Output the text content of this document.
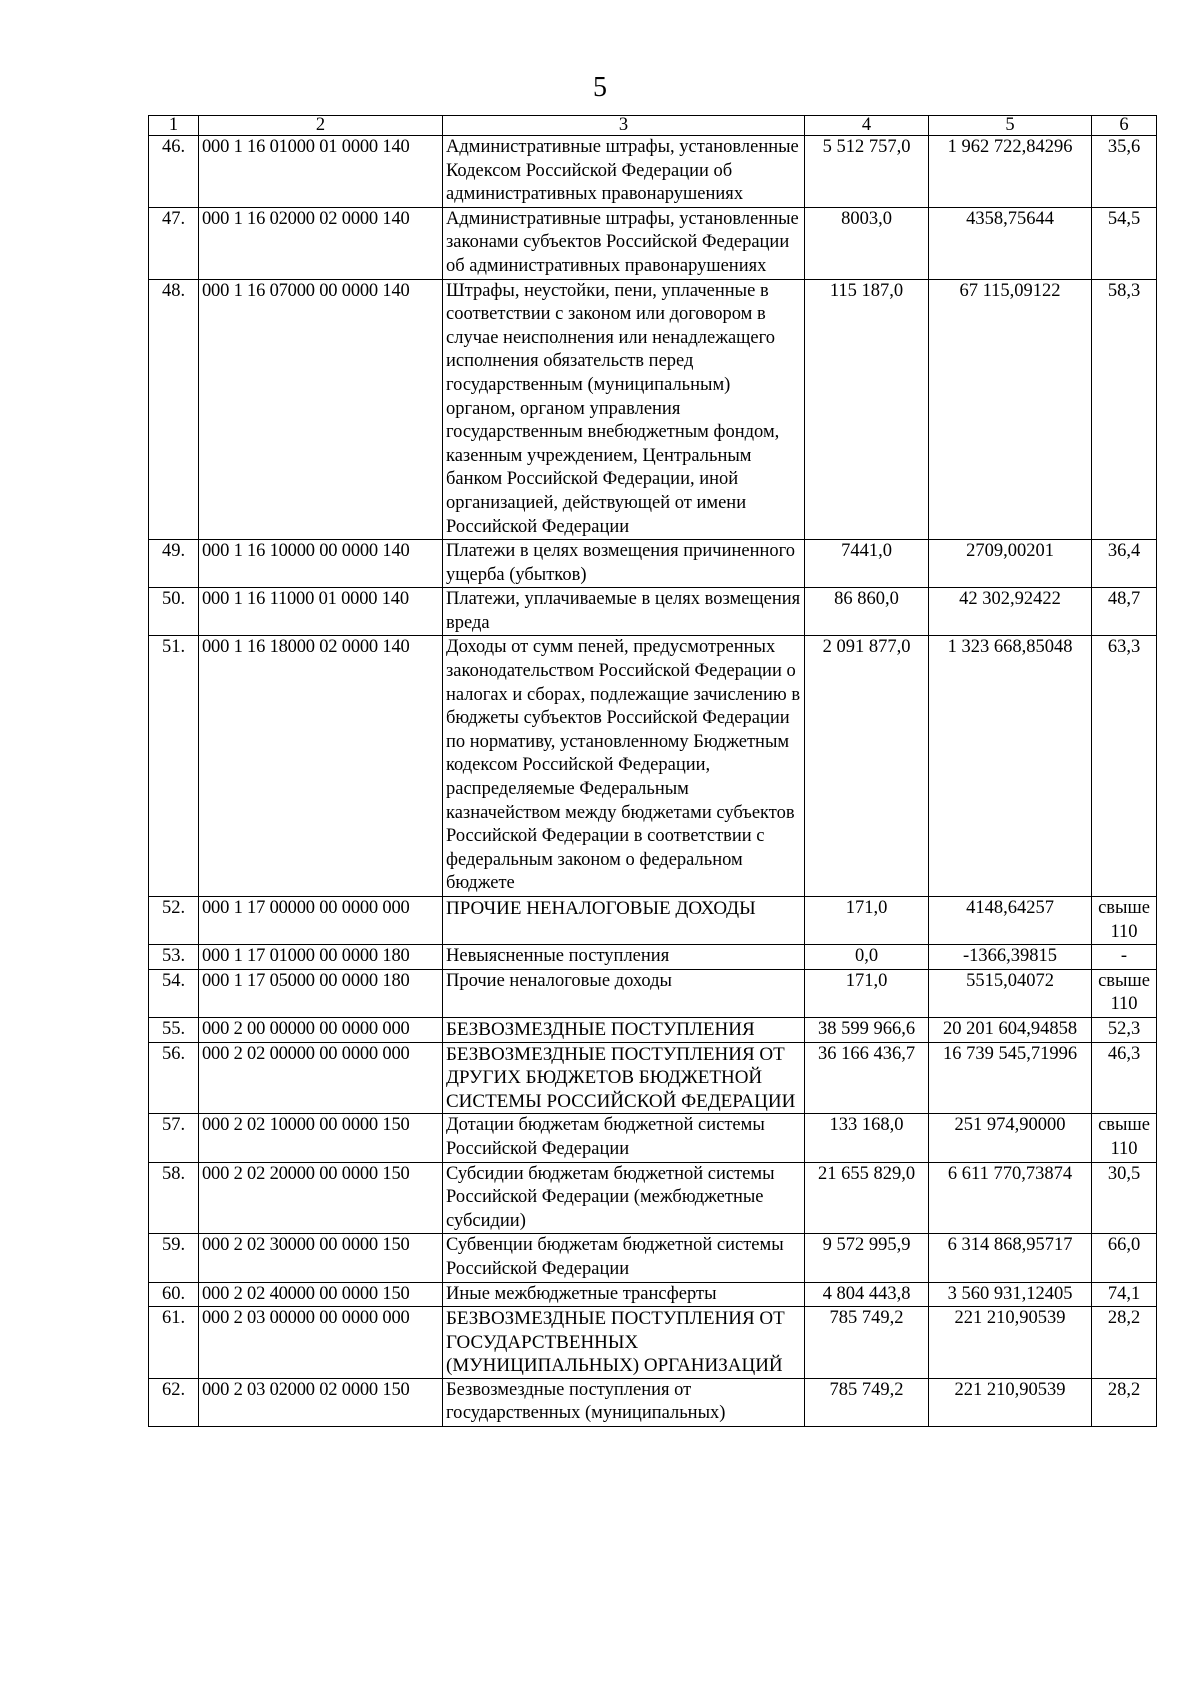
5
1	2	3	4	5	6
46.	000 1 16 01000 01 0000 140	Административные штрафы, установленные Кодексом Российской Федерации об административных правонарушениях	5 512 757,0	1 962 722,84296	35,6
47.	000 1 16 02000 02 0000 140	Административные штрафы, установленные законами субъектов Российской Федерации об административных правонарушениях	8003,0	4358,75644	54,5
48.	000 1 16 07000 00 0000 140	Штрафы, неустойки, пени, уплаченные в соответствии с законом или договором в случае неисполнения или ненадлежащего исполнения обязательств перед государственным (муниципальным) органом, органом управления государственным внебюджетным фондом, казенным учреждением, Центральным банком Российской Федерации, иной организацией, действующей от имени Российской Федерации	115 187,0	67 115,09122	58,3
49.	000 1 16 10000 00 0000 140	Платежи в целях возмещения причиненного ущерба (убытков)	7441,0	2709,00201	36,4
50.	000 1 16 11000 01 0000 140	Платежи, уплачиваемые в целях возмещения вреда	86 860,0	42 302,92422	48,7
51.	000 1 16 18000 02 0000 140	Доходы от сумм пеней, предусмотренных законодательством Российской Федерации о налогах и сборах, подлежащие зачислению в бюджеты субъектов Российской Федерации по нормативу, установленному Бюджетным кодексом Российской Федерации, распределяемые Федеральным казначейством между бюджетами субъектов Российской Федерации в соответствии с федеральным законом о федеральном бюджете	2 091 877,0	1 323 668,85048	63,3
52.	000 1 17 00000 00 0000 000	ПРОЧИЕ НЕНАЛОГОВЫЕ ДОХОДЫ	171,0	4148,64257	свыше
110
53.	000 1 17 01000 00 0000 180	Невыясненные поступления	0,0	-1366,39815	-
54.	000 1 17 05000 00 0000 180	Прочие неналоговые доходы	171,0	5515,04072	свыше
110
55.	000 2 00 00000 00 0000 000	БЕЗВОЗМЕЗДНЫЕ ПОСТУПЛЕНИЯ	38 599 966,6	20 201 604,94858	52,3
56.	000 2 02 00000 00 0000 000	БЕЗВОЗМЕЗДНЫЕ ПОСТУПЛЕНИЯ ОТ ДРУГИХ БЮДЖЕТОВ БЮДЖЕТНОЙ СИСТЕМЫ РОССИЙСКОЙ ФЕДЕРАЦИИ	36 166 436,7	16 739 545,71996	46,3
57.	000 2 02 10000 00 0000 150	Дотации бюджетам бюджетной системы Российской Федерации	133 168,0	251 974,90000	свыше
110
58.	000 2 02 20000 00 0000 150	Субсидии бюджетам бюджетной системы Российской Федерации (межбюджетные субсидии)	21 655 829,0	6 611 770,73874	30,5
59.	000 2 02 30000 00 0000 150	Субвенции бюджетам бюджетной системы Российской Федерации	9 572 995,9	6 314 868,95717	66,0
60.	000 2 02 40000 00 0000 150	Иные межбюджетные трансферты	4 804 443,8	3 560 931,12405	74,1
61.	000 2 03 00000 00 0000 000	БЕЗВОЗМЕЗДНЫЕ ПОСТУПЛЕНИЯ ОТ ГОСУДАРСТВЕННЫХ (МУНИЦИПАЛЬНЫХ) ОРГАНИЗАЦИЙ	785 749,2	221 210,90539	28,2
62.	000 2 03 02000 02 0000 150	Безвозмездные поступления от государственных (муниципальных)	785 749,2	221 210,90539	28,2
